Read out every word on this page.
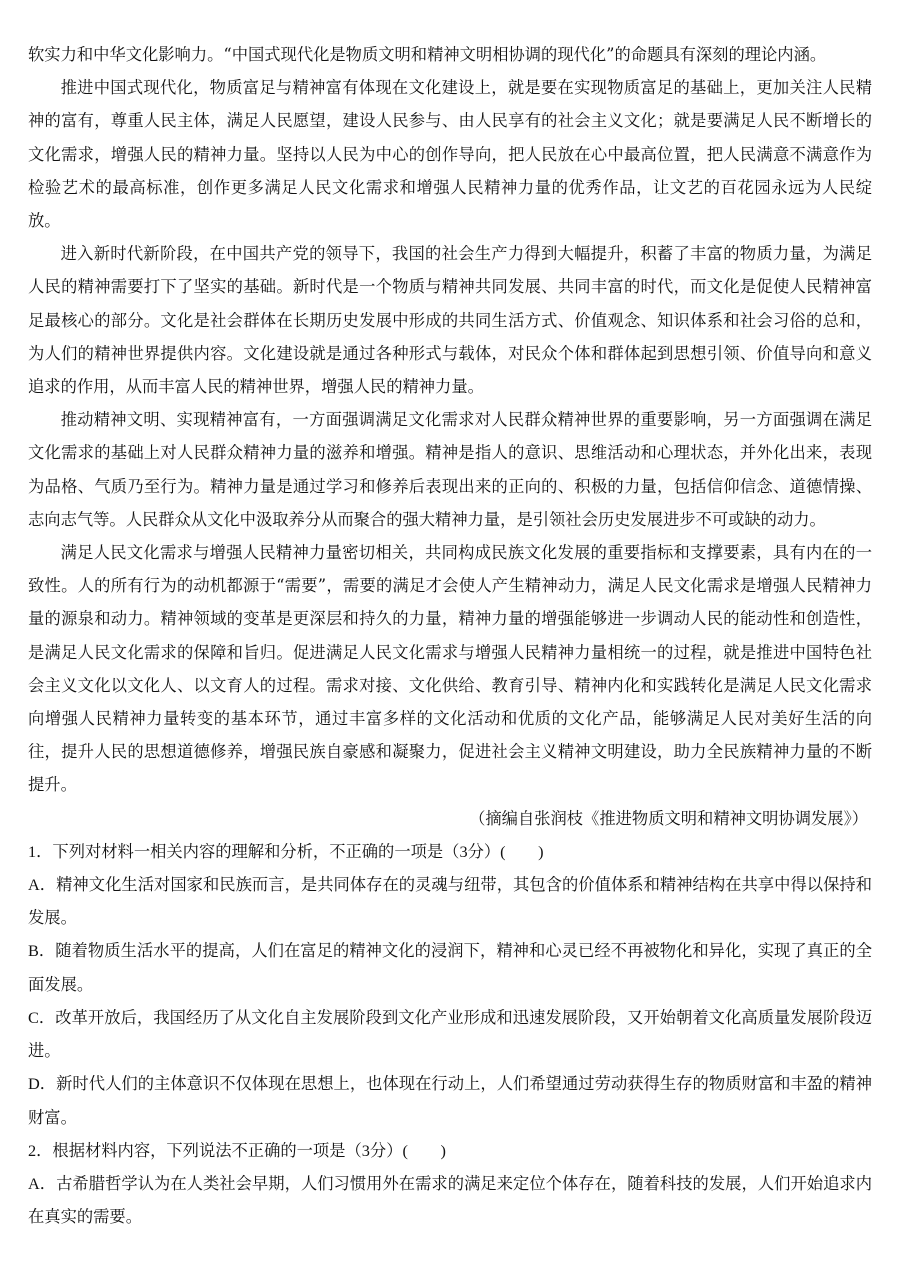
软实力和中华文化影响力。“中国式现代化是物质文明和精神文明相协调的现代化”的命题具有深刻的理论内涵。

推进中国式现代化，物质富足与精神富有体现在文化建设上，就是要在实现物质富足的基础上，更加关注人民精神的富有，尊重人民主体，满足人民愿望，建设人民参与、由人民享有的社会主义文化；就是要满足人民不断增长的文化需求，增强人民的精神力量。坚持以人民为中心的创作导向，把人民放在心中最高位置，把人民满意不满意作为检验艺术的最高标准，创作更多满足人民文化需求和增强人民精神力量的优秀作品，让文艺的百花园永远为人民绽放。

进入新时代新阶段，在中国共产党的领导下，我国的社会生产力得到大幅提升，积蓄了丰富的物质力量，为满足人民的精神需要打下了坚实的基础。新时代是一个物质与精神共同发展、共同丰富的时代，而文化是促使人民精神富足最核心的部分。文化是社会群体在长期历史发展中形成的共同生活方式、价值观念、知识体系和社会习俗的总和，为人们的精神世界提供内容。文化建设就是通过各种形式与载体，对民众个体和群体起到思想引领、价值导向和意义追求的作用，从而丰富人民的精神世界，增强人民的精神力量。

推动精神文明、实现精神富有，一方面强调满足文化需求对人民群众精神世界的重要影响，另一方面强调在满足文化需求的基础上对人民群众精神力量的滋养和增强。精神是指人的意识、思维活动和心理状态，并外化出来，表现为品格、气质乃至行为。精神力量是通过学习和修养后表现出来的正向的、积极的力量，包括信仰信念、道德情操、志向志气等。人民群众从文化中汲取养分从而聚合的强大精神力量，是引领社会历史发展进步不可或缺的动力。

满足人民文化需求与增强人民精神力量密切相关，共同构成民族文化发展的重要指标和支撑要素，具有内在的一致性。人的所有行为的动机都源于“需要”，需要的满足才会使人产生精神动力，满足人民文化需求是增强人民精神力量的源泉和动力。精神领域的变革是更深层和持久的力量，精神力量的增强能够进一步调动人民的能动性和创造性，是满足人民文化需求的保障和旨归。促进满足人民文化需求与增强人民精神力量相统一的过程，就是推进中国特色社会主义文化以文化人、以文育人的过程。需求对接、文化供给、教育引导、精神内化和实践转化是满足人民文化需求向增强人民精神力量转变的基本环节，通过丰富多样的文化活动和优质的文化产品，能够满足人民对美好生活的向往，提升人民的思想道德修养，增强民族自豪感和凝聚力，促进社会主义精神文明建设，助力全民族精神力量的不断提升。

（摘编自张润枝《推进物质文明和精神文明协调发展》）

1．下列对材料一相关内容的理解和分析，不正确的一项是（3分）(　　)

A．精神文化生活对国家和民族而言，是共同体存在的灵魂与纽带，其包含的价值体系和精神结构在共享中得以保持和发展。

B．随着物质生活水平的提高，人们在富足的精神文化的浸润下，精神和心灵已经不再被物化和异化，实现了真正的全面发展。

C．改革开放后，我国经历了从文化自主发展阶段到文化产业形成和迅速发展阶段，又开始朝着文化高质量发展阶段迈进。

D．新时代人们的主体意识不仅体现在思想上，也体现在行动上，人们希望通过劳动获得生存的物质财富和丰盈的精神财富。

2．根据材料内容，下列说法不正确的一项是（3分）(　　)

A．古希腊哲学认为在人类社会早期，人们习惯用外在需求的满足来定位个体存在，随着科技的发展，人们开始追求内在真实的需要。
